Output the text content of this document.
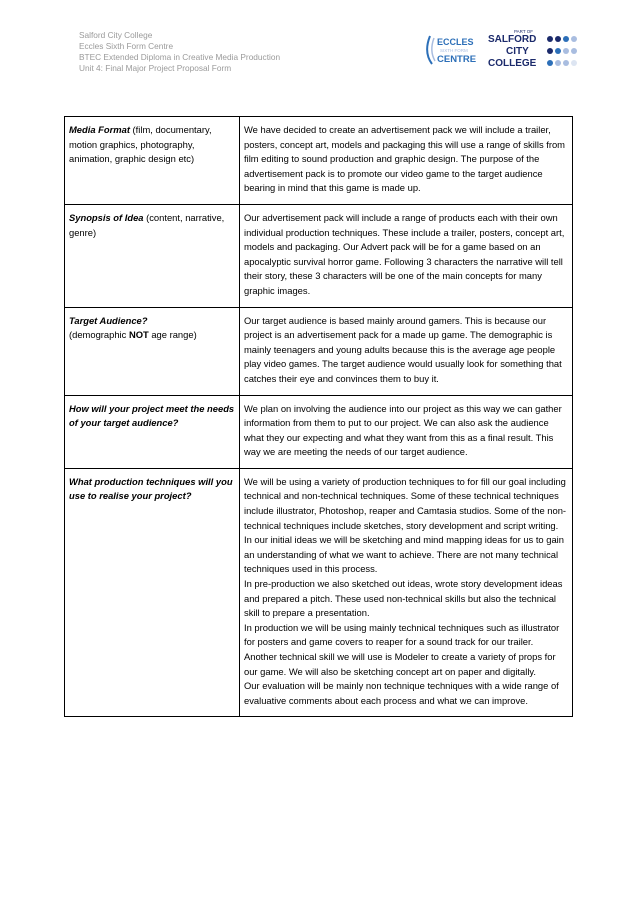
Salford City College
Eccles Sixth Form Centre
BTEC Extended Diploma in Creative Media Production
Unit 4: Final Major Project Proposal Form
ECCLES
SIXTH FORM
CENTRE
PART OF
SALFORD
CITY
COLLEGE
Media Format (film, documentary, motion graphics, photography, animation, graphic design etc)	We have decided to create an advertisement pack we will include a trailer, posters, concept art, models and packaging this will use a range of skills from film editing to sound production and graphic design. The purpose of the advertisement pack is to promote our video game to the target audience bearing in mind that this game is made up.

Synopsis of Idea (content, narrative, genre)	Our advertisement pack will include a range of products each with their own individual production techniques. These include a trailer, posters, concept art, models and packaging. Our Advert pack will be for a game based on an apocalyptic survival horror game. Following 3 characters the narrative will tell their story, these 3 characters will be one of the main concepts for many graphic images.

Target Audience?
(demographic NOT age range)	Our target audience is based mainly around gamers. This is because our project is an advertisement pack for a made up game. The demographic is mainly teenagers and young adults because this is the average age people play video games. The target audience would usually look for something that catches their eye and convinces them to buy it.

How will your project meet the needs of your target audience?	We plan on involving the audience into our project as this way we can gather information from them to put to our project. We can also ask the audience what they our expecting and what they want from this as a final result. This way we are meeting the needs of our target audience.

What production techniques will you use to realise your project?	We will be using a variety of production techniques to for fill our goal including technical and non-technical techniques. Some of these technical techniques include illustrator, Photoshop, reaper and Camtasia studios. Some of the non-technical techniques include sketches, story development and script writing.

In our initial ideas we will be sketching and mind mapping ideas for us to gain an understanding of what we want to achieve. There are not many technical techniques used in this process.

In pre-production we also sketched out ideas, wrote story development ideas and prepared a pitch. These used non-technical skills but also the technical skill to prepare a presentation.

In production we will be using mainly technical techniques such as illustrator for posters and game covers to reaper for a sound track for our trailer. Another technical skill we will use is Modeler to create a variety of props for our game. We will also be sketching concept art on paper and digitally.

Our evaluation will be mainly non technique techniques with a wide range of evaluative comments about each process and what we can improve.
